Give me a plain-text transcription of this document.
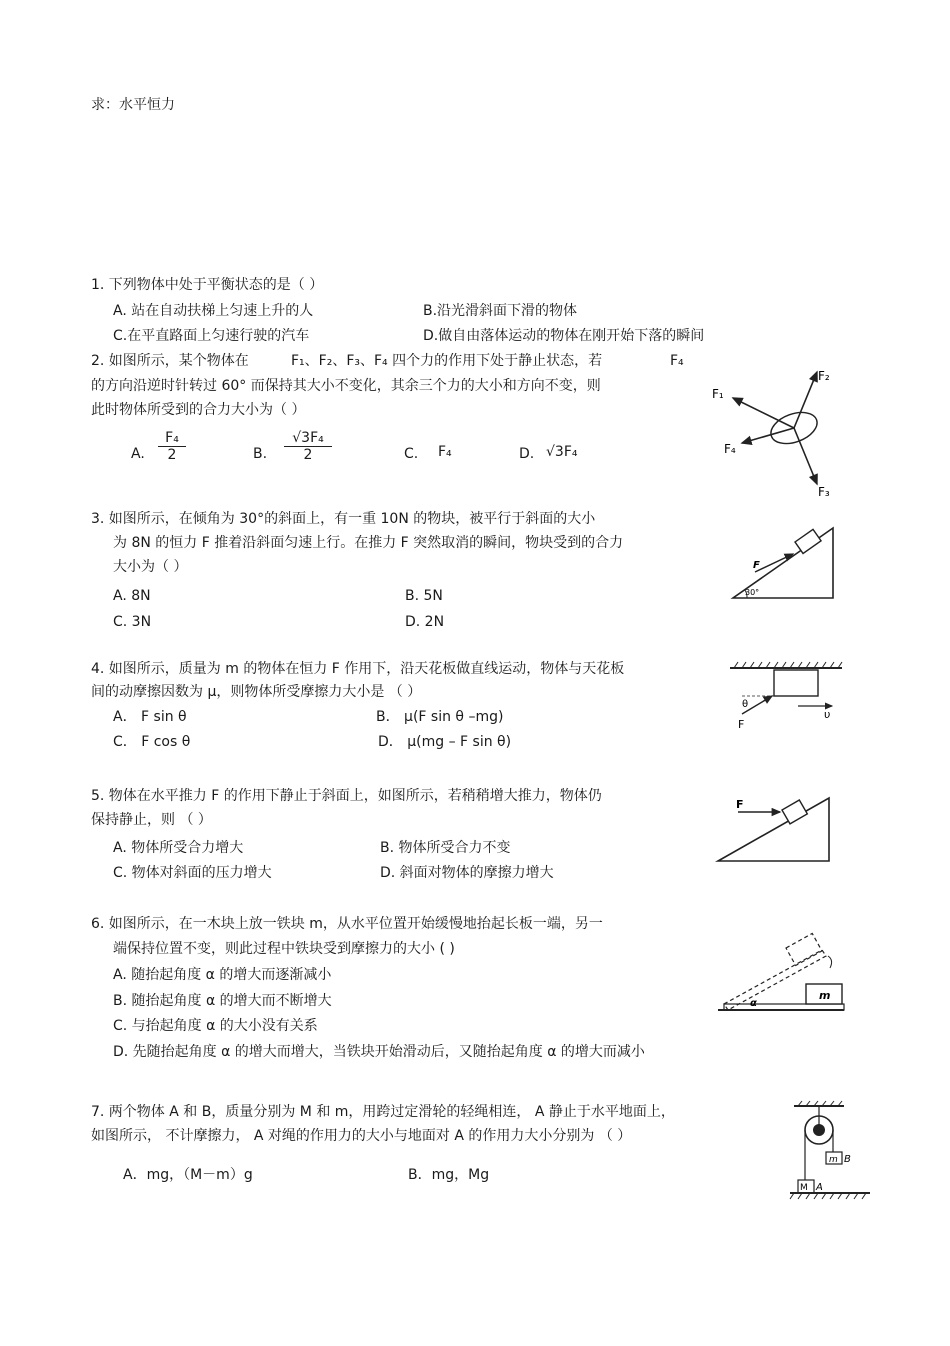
求：水平恒力
1. 下列物体中处于平衡状态的是（ ）
A. 站在自动扶梯上匀速上升的人	B.沿光滑斜面下滑的物体
C.在平直路面上匀速行驶的汽车	D.做自由落体运动的物体在刚开始下落的瞬间
2. 如图所示，某个物体在	F₁、F₂、F₃、F₄ 四个力的作用下处于静止状态，若	F₄
的方向沿逆时针转过 60° 而保持其大小不变化，其余三个力的大小和方向不变，则
此时物体所受到的合力大小为（ ）
A. $\frac{\text{F₄}}{2}$	B. $\frac{\text{√3F₄}}{2}$	C. F₄	D. √3F₄
F₂
F₁
F₄
F₃
3. 如图所示，在倾角为 30°的斜面上，有一重 10N 的物块，被平行于斜面的大小
为 8N 的恒力 F 推着沿斜面匀速上行。在推力 F 突然取消的瞬间，物块受到的合力
大小为（ ）
A. 8N	B. 5N
C. 3N	D. 2N
F
30°
4. 如图所示，质量为 m 的物体在恒力 F 作用下，沿天花板做直线运动，物体与天花板
间的动摩擦因数为 μ，则物体所受摩擦力大小是 （ ）
A． F sin θ	B． μ(F sin θ –mg)
C． F cos θ	D． μ(mg – F sin θ)
θ
F
υ
5. 物体在水平推力 F 的作用下静止于斜面上，如图所示，若稍稍增大推力，物体仍
保持静止，则 （ ）
A. 物体所受合力增大	B. 物体所受合力不变
C. 物体对斜面的压力增大	D. 斜面对物体的摩擦力增大
F
6. 如图所示，在一木块上放一铁块 m，从水平位置开始缓慢地抬起长板一端，另一
端保持位置不变，则此过程中铁块受到摩擦力的大小 ( )
A. 随抬起角度 α 的增大而逐渐减小
B. 随抬起角度 α 的增大而不断增大
C. 与抬起角度 α 的大小没有关系
D. 先随抬起角度 α 的增大而增大，当铁块开始滑动后，又随抬起角度 α 的增大而减小
m
α
7. 两个物体 A 和 B，质量分别为 M 和 m，用跨过定滑轮的轻绳相连， A 静止于水平地面上，
如图所示， 不计摩擦力， A 对绳的作用力的大小与地面对 A 的作用力大小分别为 （ ）
A．mg，（M－m）g	B．mg，Mg
m B
M A
